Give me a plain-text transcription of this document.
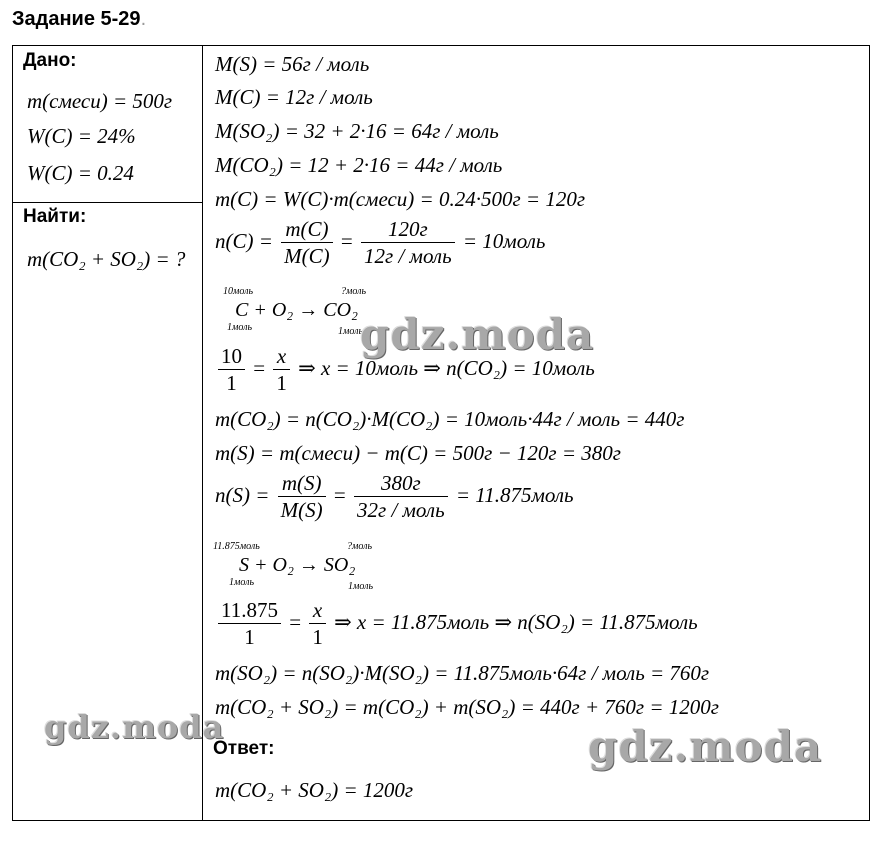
Задание 5-29.
Дано:
m(смеси) = 500г
W(C) = 24%
W(C) = 0.24
Найти:
m(CO₂ + SO₂) = ?
M(S) = 56г / моль
M(C) = 12г / моль
M(SO₂) = 32 + 2·16 = 64г / моль
M(CO₂) = 12 + 2·16 = 44г / моль
m(C) = W(C)·m(смеси) = 0.24·500г = 120г
$n(C) = \frac{m(C)}{M(C)} = \frac{120г}{\text{12г / моль}}$ = 10моль
10моль	?моль
C + O₂ → CO₂
1моль	1моль
$\frac{10}{1} = \frac{x}{1}$ ⇒ x = 10моль ⇒ n(CO₂) = 10моль
m(CO₂) = n(CO₂)·M(CO₂) = 10моль·44г / моль = 440г
m(S) = m(смеси) − m(C) = 500г − 120г = 380г
$n(S) = \frac{m(S)}{M(S)} = \frac{380г}{\text{32г / моль}}$ = 11.875моль
11.875моль	?моль
S + O₂ → SO₂
1моль	1моль
$\frac{11.875}{1} = \frac{x}{1}$ ⇒ x = 11.875моль ⇒ n(SO₂) = 11.875моль
m(SO₂) = n(SO₂)·M(SO₂) = 11.875моль·64г / моль = 760г
m(CO₂ + SO₂) = m(CO₂) + m(SO₂) = 440г + 760г = 1200г
Ответ:
m(CO₂ + SO₂) = 1200г
gdz.moda
gdz.moda	gdz.moda
